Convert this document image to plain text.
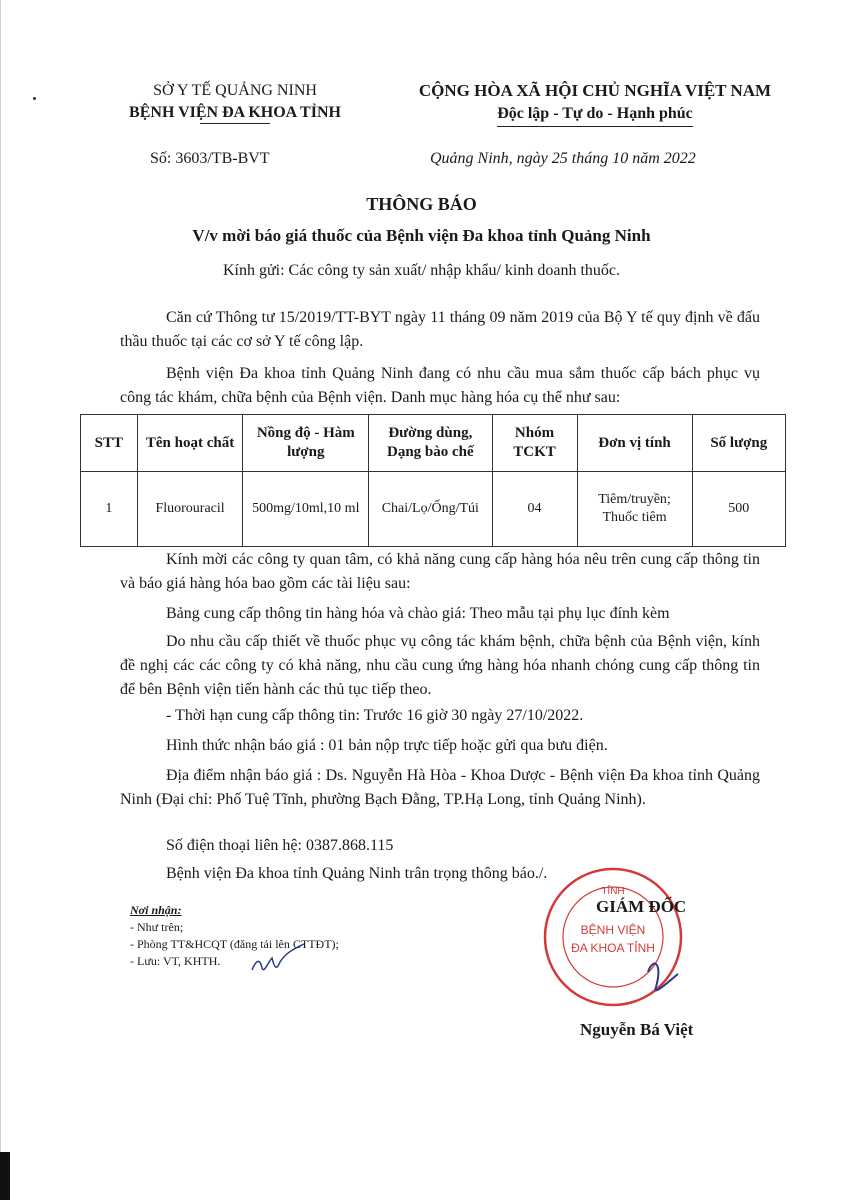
SỞ Y TẾ QUẢNG NINH
BỆNH VIỆN ĐA KHOA TỈNH
CỘNG HÒA XÃ HỘI CHỦ NGHĨA VIỆT NAM
Độc lập - Tự do - Hạnh phúc
Số: 3603/TB-BVT	Quảng Ninh, ngày 25 tháng 10 năm 2022
THÔNG BÁO
V/v mời báo giá thuốc của Bệnh viện Đa khoa tỉnh Quảng Ninh
Kính gửi: Các công ty sản xuất/ nhập khẩu/ kinh doanh thuốc.
Căn cứ Thông tư 15/2019/TT-BYT ngày 11 tháng 09 năm 2019 của Bộ Y tế quy định về đấu thầu thuốc tại các cơ sở Y tế công lập.
Bệnh viện Đa khoa tỉnh Quảng Ninh đang có nhu cầu mua sắm thuốc cấp bách phục vụ công tác khám, chữa bệnh của Bệnh viện. Danh mục hàng hóa cụ thể như sau:
STT	Tên hoạt chất	Nồng độ - Hàm lượng	Đường dùng, Dạng bào chế	Nhóm TCKT	Đơn vị tính	Số lượng
1	Fluorouracil	500mg/10ml,10 ml	Chai/Lọ/Ống/Túi	04	Tiêm/truyền; Thuốc tiêm	500
Kính mời các công ty quan tâm, có khả năng cung cấp hàng hóa nêu trên cung cấp thông tin và báo giá hàng hóa bao gồm các tài liệu sau:
Bảng cung cấp thông tin hàng hóa và chào giá: Theo mẫu tại phụ lục đính kèm
Do nhu cầu cấp thiết về thuốc phục vụ công tác khám bệnh, chữa bệnh của Bệnh viện, kính đề nghị các các công ty có khả năng, nhu cầu cung ứng hàng hóa nhanh chóng cung cấp thông tin để bên Bệnh viện tiến hành các thủ tục tiếp theo.
- Thời hạn cung cấp thông tin: Trước 16 giờ 30 ngày 27/10/2022.
Hình thức nhận báo giá : 01 bản nộp trực tiếp hoặc gửi qua bưu điện.
Địa điểm nhận báo giá : Ds. Nguyễn Hà Hòa - Khoa Dược - Bệnh viện Đa khoa tỉnh Quảng Ninh (Đại chỉ: Phố Tuệ Tĩnh, phường Bạch Đằng, TP.Hạ Long, tỉnh Quảng Ninh).
Số điện thoại liên hệ: 0387.868.115
Bệnh viện Đa khoa tỉnh Quảng Ninh trân trọng thông báo./.
Nơi nhận:
- Như trên;
- Phòng TT&HCQT (đăng tải lên CTTĐT);
- Lưu: VT, KHTH.
TỈNH
BỆNH VIỆN
ĐA KHOA TỈNH
GIÁM ĐỐC
Nguyễn Bá Việt
